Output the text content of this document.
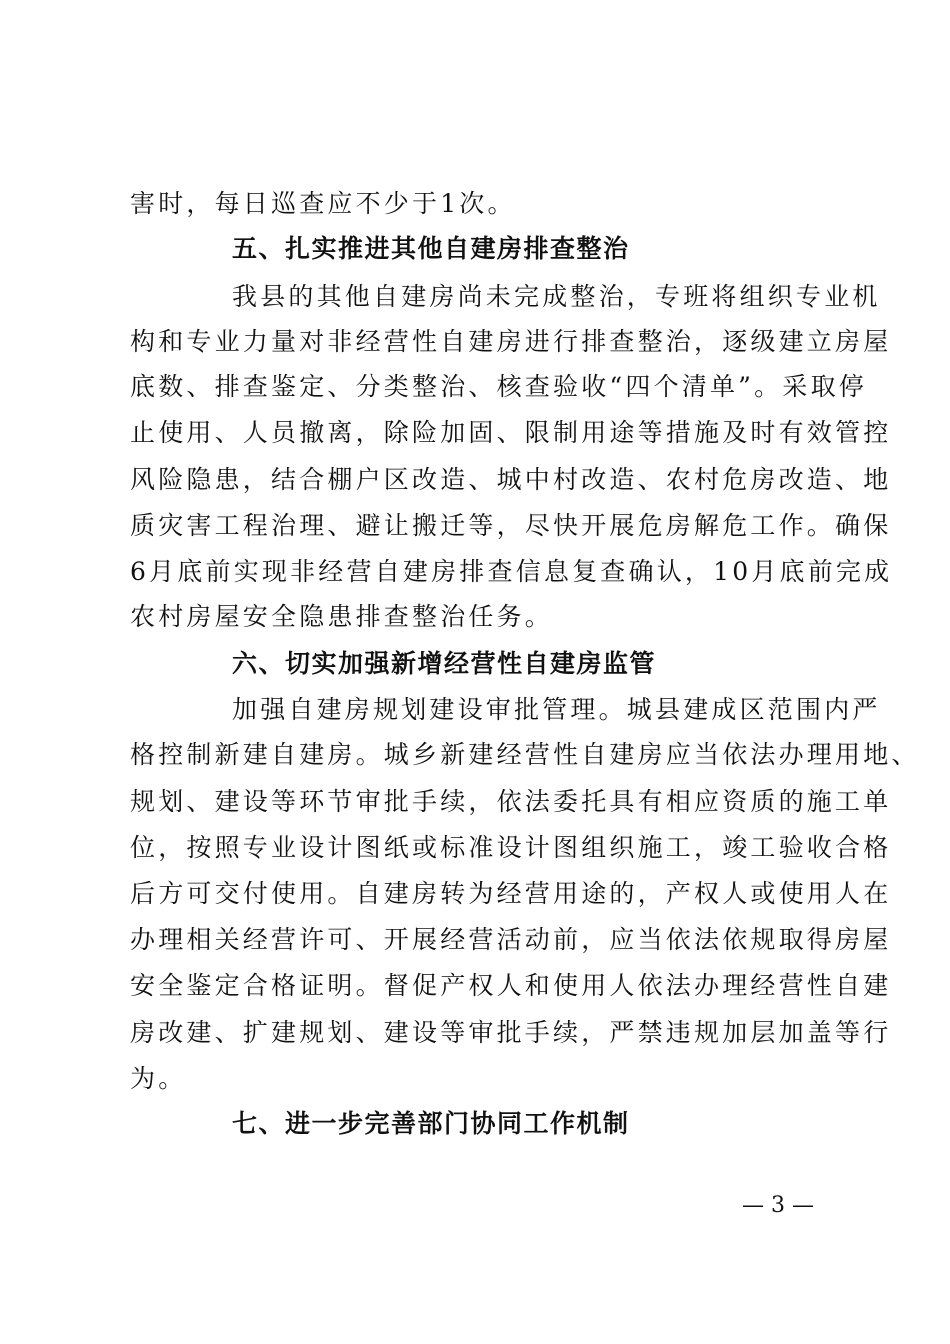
害时，每日巡查应不少于1次。
五、扎实推进其他自建房排查整治
我县的其他自建房尚未完成整治，专班将组织专业机
构和专业力量对非经营性自建房进行排查整治，逐级建立房屋
底数、排查鉴定、分类整治、核查验收“四个清单”。采取停
止使用、人员撤离，除险加固、限制用途等措施及时有效管控
风险隐患，结合棚户区改造、城中村改造、农村危房改造、地
质灾害工程治理、避让搬迁等，尽快开展危房解危工作。确保
6月底前实现非经营自建房排查信息复查确认，10月底前完成
农村房屋安全隐患排查整治任务。
六、切实加强新增经营性自建房监管
加强自建房规划建设审批管理。城县建成区范围内严
格控制新建自建房。城乡新建经营性自建房应当依法办理用地、
规划、建设等环节审批手续，依法委托具有相应资质的施工单
位，按照专业设计图纸或标准设计图组织施工，竣工验收合格
后方可交付使用。自建房转为经营用途的，产权人或使用人在
办理相关经营许可、开展经营活动前，应当依法依规取得房屋
安全鉴定合格证明。督促产权人和使用人依法办理经营性自建
房改建、扩建规划、建设等审批手续，严禁违规加层加盖等行
为。
七、进一步完善部门协同工作机制
— 3 —
